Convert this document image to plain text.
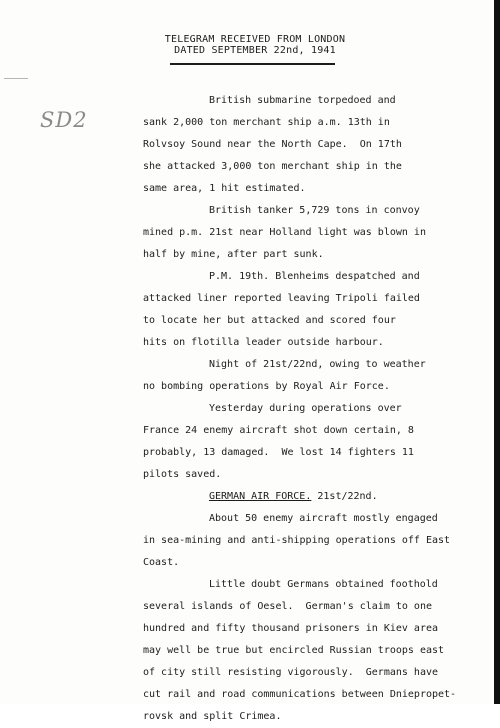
TELEGRAM RECEIVED FROM LONDON
DATED SEPTEMBER 22nd, 1941
SD2
British submarine torpedoed and
sank 2,000 ton merchant ship a.m. 13th in
Rolvsoy Sound near the North Cape.  On 17th
she attacked 3,000 ton merchant ship in the
same area, 1 hit estimated.
British tanker 5,729 tons in convoy
mined p.m. 21st near Holland light was blown in
half by mine, after part sunk.
P.M. 19th. Blenheims despatched and
attacked liner reported leaving Tripoli failed
to locate her but attacked and scored four
hits on flotilla leader outside harbour.
Night of 21st/22nd, owing to weather
no bombing operations by Royal Air Force.
Yesterday during operations over
France 24 enemy aircraft shot down certain, 8
probably, 13 damaged.  We lost 14 fighters 11
pilots saved.
GERMAN AIR FORCE. 21st/22nd.
About 50 enemy aircraft mostly engaged
in sea-mining and anti-shipping operations off East
Coast.
Little doubt Germans obtained foothold
several islands of Oesel.  German's claim to one
hundred and fifty thousand prisoners in Kiev area
may well be true but encircled Russian troops east
of city still resisting vigorously.  Germans have
cut rail and road communications between Dniepropet-
rovsk and split Crimea.
